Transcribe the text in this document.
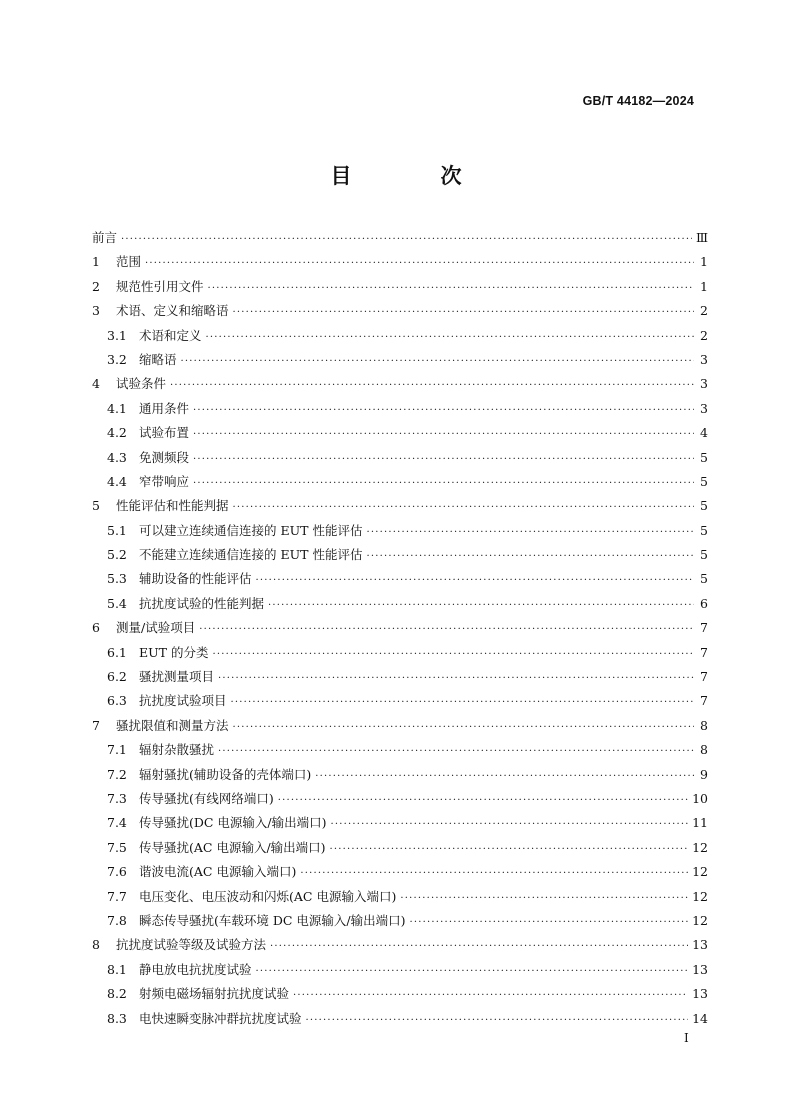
GB/T 44182—2024
目　次
前言 ·····	Ⅲ
1	范围 ·····	1
2	规范性引用文件 ·····	1
3	术语、定义和缩略语 ·····	2
3.1 术语和定义 ·····	2
3.2 缩略语 ·····	3
4	试验条件 ·····	3
4.1 通用条件 ·····	3
4.2 试验布置 ·····	4
4.3 免测频段 ·····	5
4.4 窄带响应 ·····	5
5	性能评估和性能判据 ·····	5
5.1 可以建立连续通信连接的 EUT 性能评估 ·····	5
5.2 不能建立连续通信连接的 EUT 性能评估 ·····	5
5.3 辅助设备的性能评估 ·····	5
5.4 抗扰度试验的性能判据 ·····	6
6	测量/试验项目 ·····	7
6.1 EUT 的分类 ·····	7
6.2 骚扰测量项目 ·····	7
6.3 抗扰度试验项目 ·····	7
7	骚扰限值和测量方法 ·····	8
7.1 辐射杂散骚扰 ·····	8
7.2 辐射骚扰(辅助设备的壳体端口) ·····	9
7.3 传导骚扰(有线网络端口) ·····	10
7.4 传导骚扰(DC 电源输入/输出端口) ·····	11
7.5 传导骚扰(AC 电源输入/输出端口) ·····	12
7.6 谐波电流(AC 电源输入端口) ·····	12
7.7 电压变化、电压波动和闪烁(AC 电源输入端口) ·····	12
7.8 瞬态传导骚扰(车载环境 DC 电源输入/输出端口) ·····	12
8	抗扰度试验等级及试验方法 ·····	13
8.1 静电放电抗扰度试验 ·····	13
8.2 射频电磁场辐射抗扰度试验 ·····	13
8.3 电快速瞬变脉冲群抗扰度试验 ·····	14
I
